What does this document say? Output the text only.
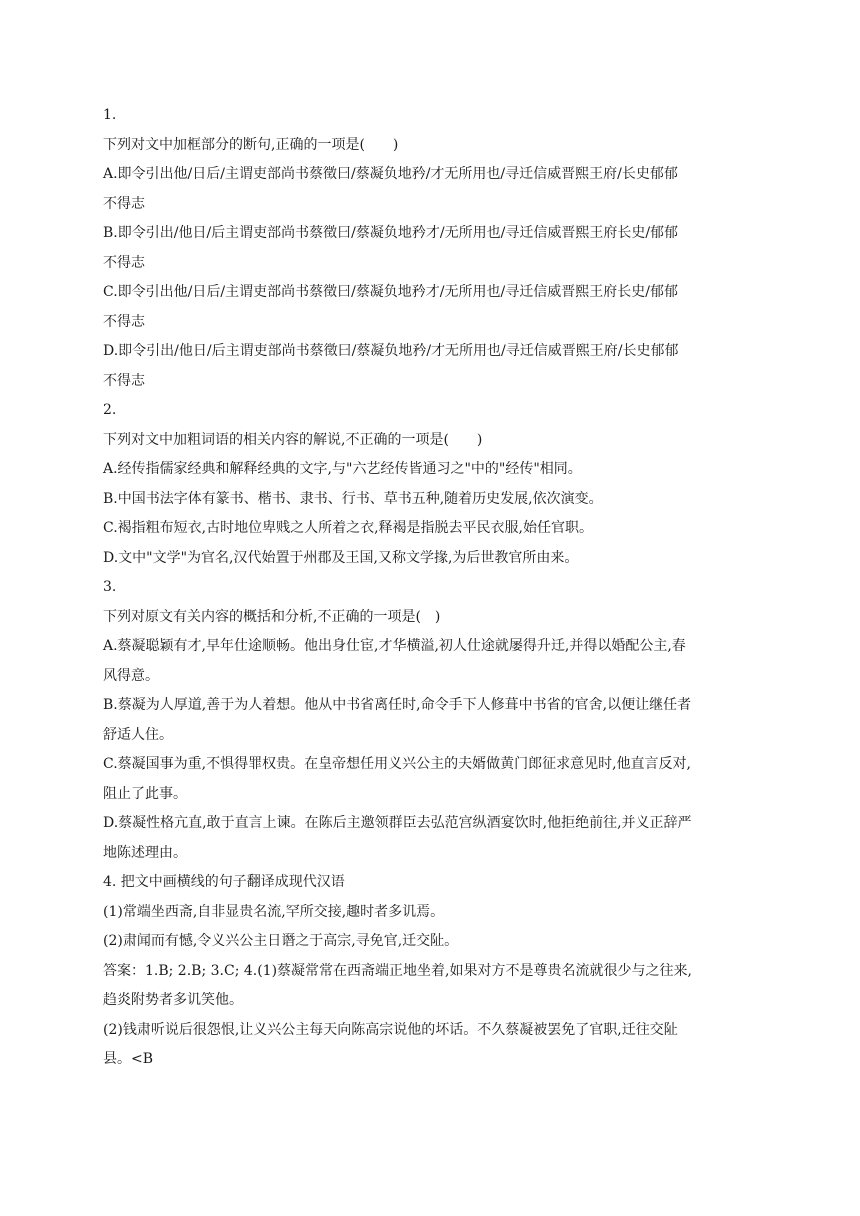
1.
下列对文中加框部分的断句,正确的一项是(　　)
A.即令引出他/日后/主谓吏部尚书蔡徵曰/蔡凝负地矜/才无所用也/寻迁信威晋熙王府/长史郁郁
不得志
B.即令引出/他日/后主谓吏部尚书蔡徵曰/蔡凝负地矜才/无所用也/寻迁信威晋熙王府长史/郁郁
不得志
C.即令引出他/日后/主谓吏部尚书蔡徵曰/蔡凝负地矜才/无所用也/寻迁信威晋熙王府长史/郁郁
不得志
D.即令引出/他日/后主谓吏部尚书蔡徵曰/蔡凝负地矜/才无所用也/寻迁信威晋熙王府/长史郁郁
不得志
2.
下列对文中加粗词语的相关内容的解说,不正确的一项是(　　)
A.经传指儒家经典和解释经典的文字,与"六艺经传皆通习之"中的"经传"相同。
B.中国书法字体有篆书、楷书、隶书、行书、草书五种,随着历史发展,依次演变。
C.褐指粗布短衣,古时地位卑贱之人所着之衣,释褐是指脱去平民衣服,始任官职。
D.文中"文学"为官名,汉代始置于州郡及王国,又称文学掾,为后世教官所由来。
3.
下列对原文有关内容的概括和分析,不正确的一项是(　)
A.蔡凝聪颖有才,早年仕途顺畅。他出身仕宦,才华横溢,初人仕途就屡得升迁,并得以婚配公主,春
风得意。
B.蔡凝为人厚道,善于为人着想。他从中书省离任时,命令手下人修葺中书省的官舍,以便让继任者
舒适人住。
C.蔡凝国事为重,不惧得罪权贵。在皇帝想任用义兴公主的夫婿做黄门郎征求意见时,他直言反对,
阻止了此事。
D.蔡凝性格亢直,敢于直言上谏。在陈后主邀领群臣去弘范宫纵酒宴饮时,他拒绝前往,并义正辞严
地陈述理由。
4. 把文中画横线的句子翻译成现代汉语
(1)常端坐西斋,自非显贵名流,罕所交接,趣时者多讥焉。
(2)肃闻而有憾,令义兴公主日谮之于高宗,寻免官,迁交阯。
答案：1.B; 2.B; 3.C; 4.(1)蔡凝常常在西斋端正地坐着,如果对方不是尊贵名流就很少与之往来,
趋炎附势者多讥笑他。
(2)钱肃听说后很怨恨,让义兴公主每天向陈高宗说他的坏话。不久蔡凝被罢免了官职,迁往交阯
县。<B
